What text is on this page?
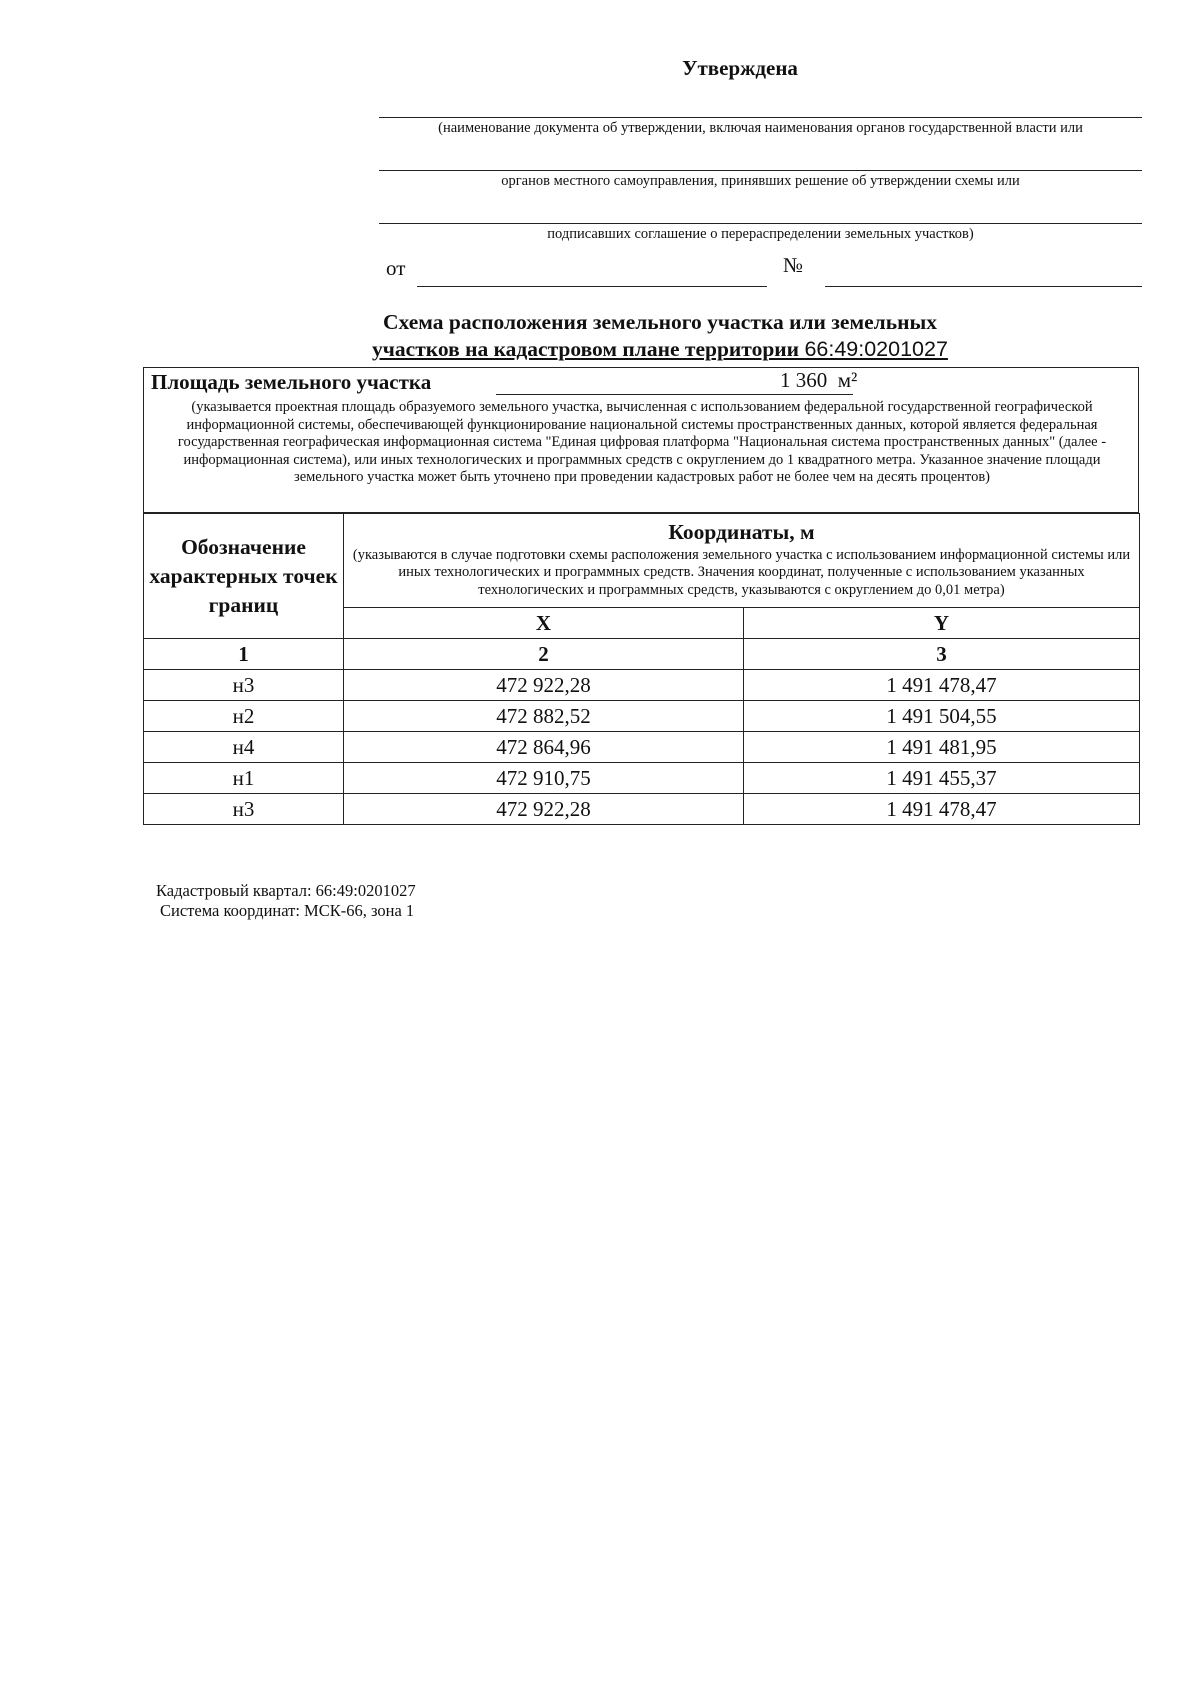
Утверждена
(наименование документа об утверждении, включая наименования органов государственной власти или
органов местного самоуправления, принявших решение об утверждении схемы или
подписавших соглашение о перераспределении земельных участков)
от	№
Схема расположения земельного участка или земельных
участков на кадастровом плане территории 66:49:0201027
Площадь земельного участка	1 360 м²
(указывается проектная площадь образуемого земельного участка, вычисленная с использованием федеральной государственной географической информационной системы, обеспечивающей функционирование национальной системы пространственных данных, которой является федеральная государственная географическая информационная система "Единая цифровая платформа "Национальная система пространственных данных" (далее - информационная система), или иных технологических и программных средств с округлением до 1 квадратного метра. Указанное значение площади земельного участка может быть уточнено при проведении кадастровых работ не более чем на десять процентов)
Обозначение характерных точек границ	Координаты, м
(указываются в случае подготовки схемы расположения земельного участка с использованием информационной системы или иных технологических и программных средств. Значения координат, полученные с использованием указанных технологических и программных средств, указываются с округлением до 0,01 метра)	

	X	Y
1	2	3
н3	472 922,28	1 491 478,47
н2	472 882,52	1 491 504,55
н4	472 864,96	1 491 481,95
н1	472 910,75	1 491 455,37
н3	472 922,28	1 491 478,47
Кадастровый квартал: 66:49:0201027
Система координат: МСК-66, зона 1
